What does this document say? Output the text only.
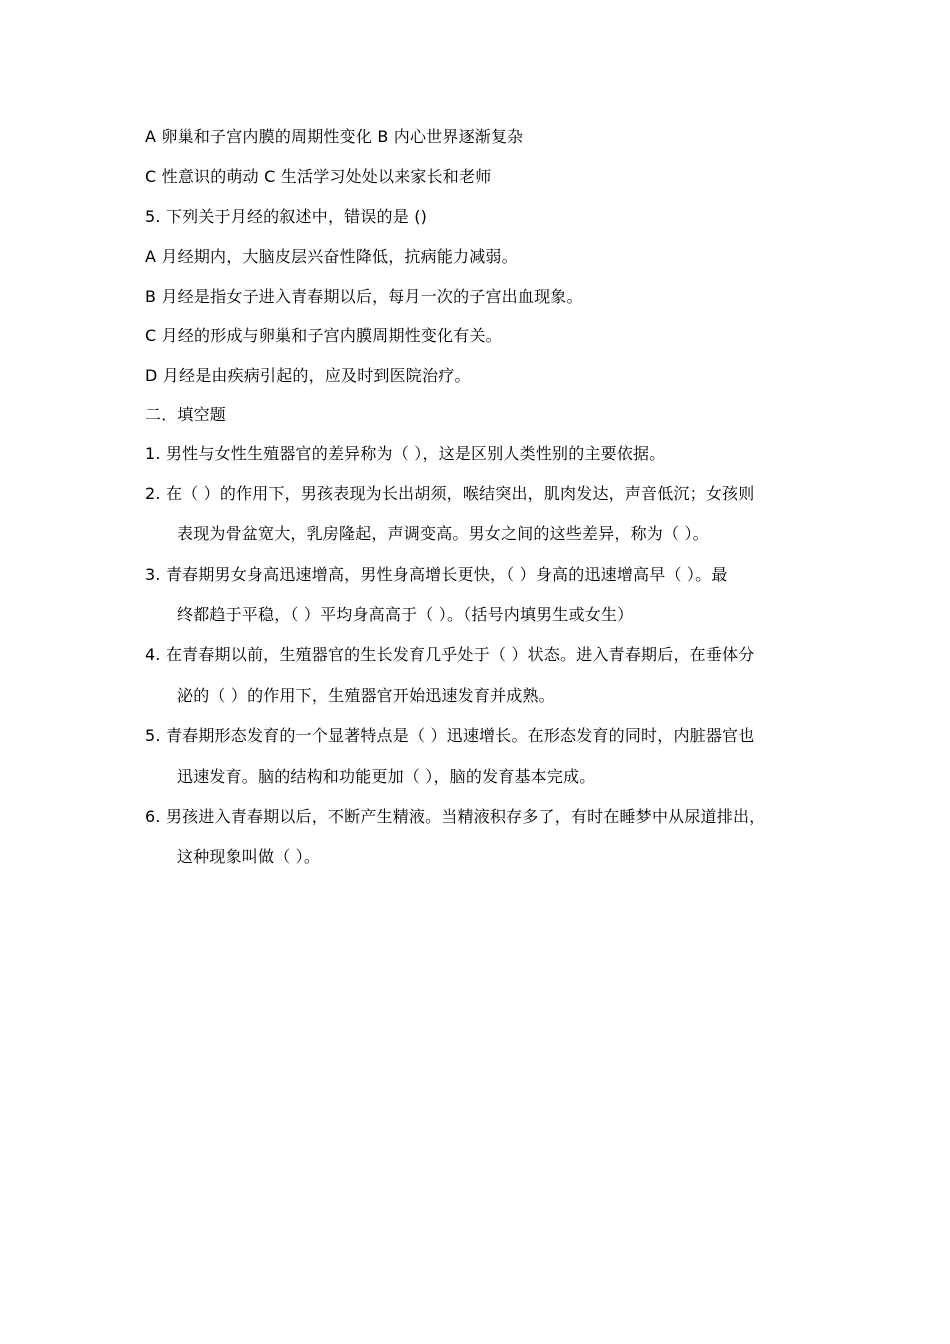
A 卵巢和子宫内膜的周期性变化 B 内心世界逐渐复杂
C 性意识的萌动 C 生活学习处处以来家长和老师
5. 下列关于月经的叙述中，错误的是 ()
A 月经期内，大脑皮层兴奋性降低，抗病能力减弱。
B 月经是指女子进入青春期以后，每月一次的子宫出血现象。
C 月经的形成与卵巢和子宫内膜周期性变化有关。
D 月经是由疾病引起的，应及时到医院治疗。
二．填空题
1. 男性与女性生殖器官的差异称为（ ），这是区别人类性别的主要依据。
2. 在（ ）的作用下，男孩表现为长出胡须，喉结突出，肌肉发达，声音低沉；女孩则
表现为骨盆宽大，乳房隆起，声调变高。男女之间的这些差异，称为（ ）。
3. 青春期男女身高迅速增高，男性身高增长更快，（ ）身高的迅速增高早（ ）。最
终都趋于平稳，（ ）平均身高高于（ ）。（括号内填男生或女生）
4. 在青春期以前，生殖器官的生长发育几乎处于（ ）状态。进入青春期后，在垂体分
泌的（ ）的作用下，生殖器官开始迅速发育并成熟。
5. 青春期形态发育的一个显著特点是（ ）迅速增长。在形态发育的同时，内脏器官也
迅速发育。脑的结构和功能更加（ ），脑的发育基本完成。
6. 男孩进入青春期以后，不断产生精液。当精液积存多了，有时在睡梦中从尿道排出，
这种现象叫做（ ）。
